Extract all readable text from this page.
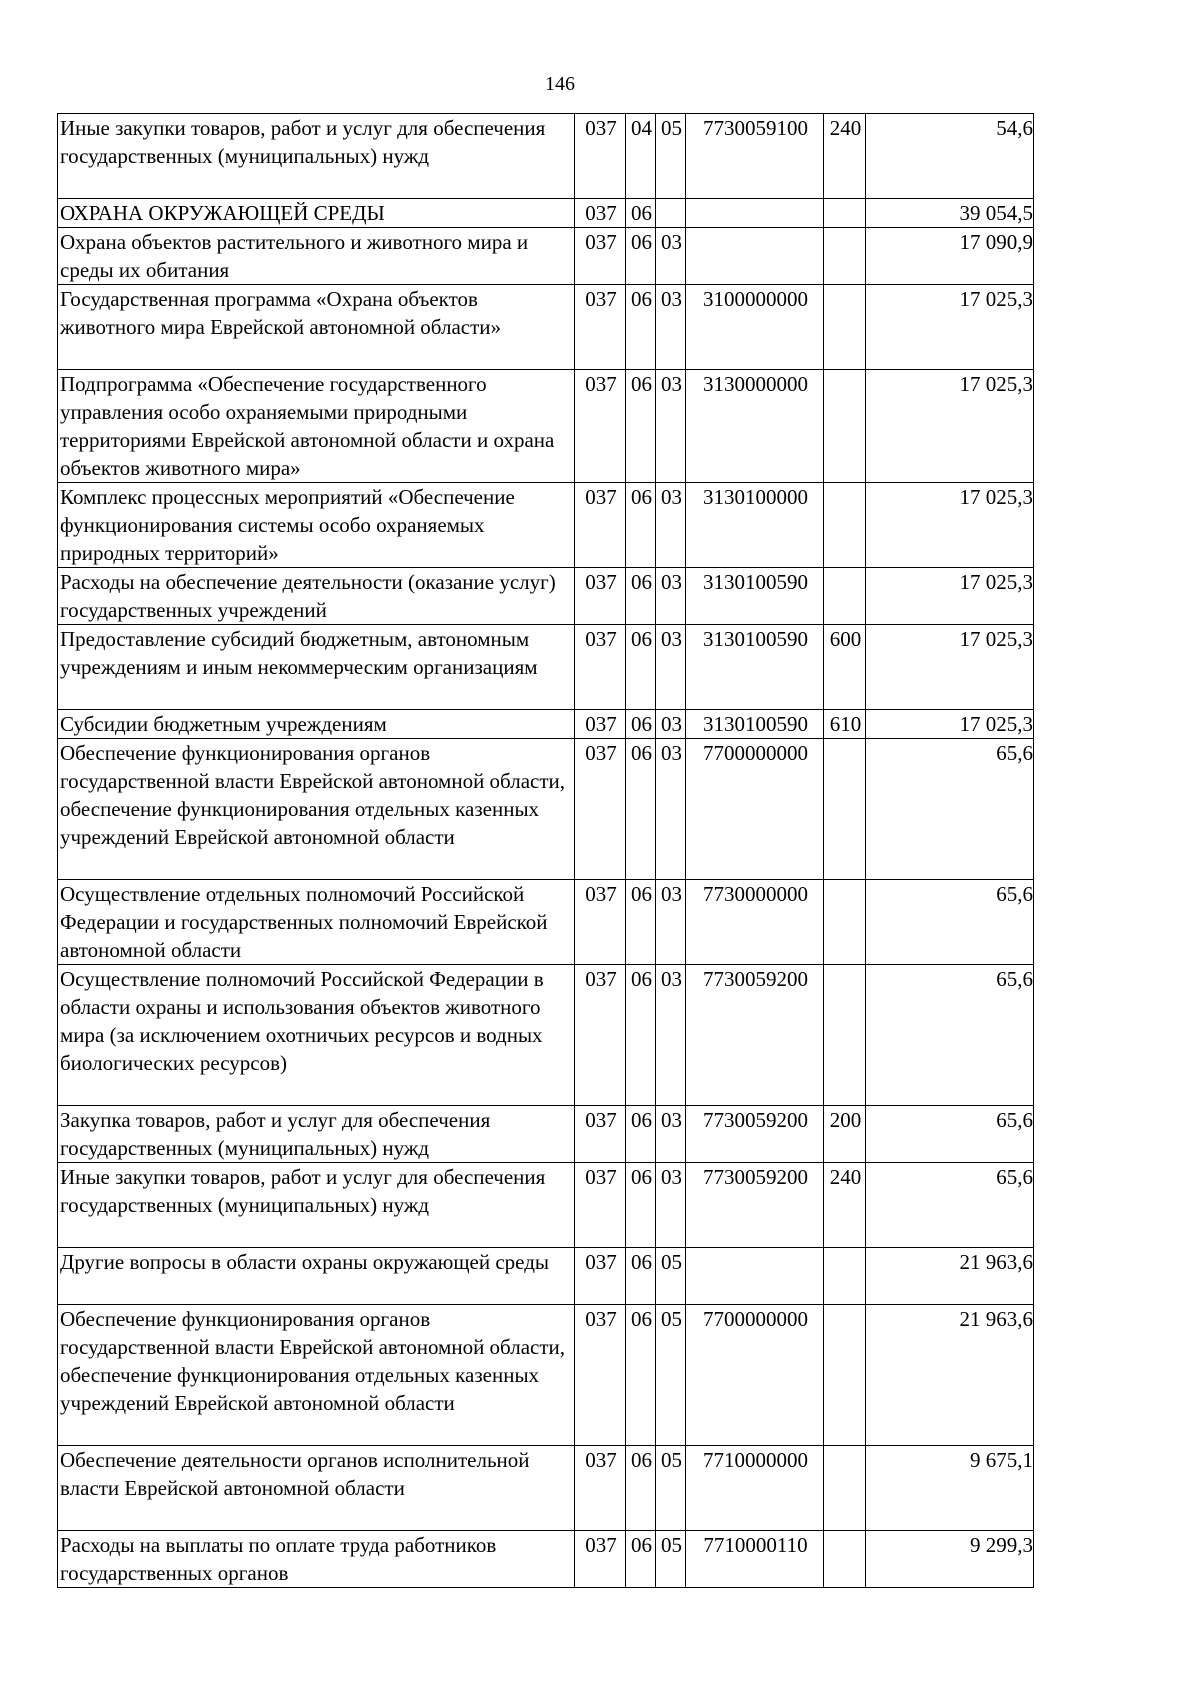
146
Иные закупки товаров, работ и услуг для обеспечения государственных (муниципальных) нужд	037	04	05	7730059100	240	54,6
ОХРАНА ОКРУЖАЮЩЕЙ СРЕДЫ	037	06				39 054,5
Охрана объектов растительного и животного мира и среды их обитания	037	06	03			17 090,9
Государственная программа «Охрана объектов животного мира Еврейской автономной области»	037	06	03	3100000000		17 025,3
Подпрограмма «Обеспечение государственного управления особо охраняемыми природными территориями Еврейской автономной области и охрана объектов животного мира»	037	06	03	3130000000		17 025,3
Комплекс процессных мероприятий «Обеспечение функционирования системы особо охраняемых природных территорий»	037	06	03	3130100000		17 025,3
Расходы на обеспечение деятельности (оказание услуг) государственных учреждений	037	06	03	3130100590		17 025,3
Предоставление субсидий бюджетным, автономным учреждениям и иным некоммерческим организациям	037	06	03	3130100590	600	17 025,3
Субсидии бюджетным учреждениям	037	06	03	3130100590	610	17 025,3
Обеспечение функционирования органов государственной власти Еврейской автономной области, обеспечение функционирования отдельных казенных учреждений Еврейской автономной области	037	06	03	7700000000		65,6
Осуществление отдельных полномочий Российской Федерации и государственных полномочий Еврейской автономной области	037	06	03	7730000000		65,6
Осуществление полномочий Российской Федерации в области охраны и использования объектов животного мира (за исключением охотничьих ресурсов и водных биологических ресурсов)	037	06	03	7730059200		65,6
Закупка товаров, работ и услуг для обеспечения государственных (муниципальных) нужд	037	06	03	7730059200	200	65,6
Иные закупки товаров, работ и услуг для обеспечения государственных (муниципальных) нужд	037	06	03	7730059200	240	65,6
Другие вопросы в области охраны окружающей среды	037	06	05			21 963,6
Обеспечение функционирования органов государственной власти Еврейской автономной области, обеспечение функционирования отдельных казенных учреждений Еврейской автономной области	037	06	05	7700000000		21 963,6
Обеспечение деятельности органов исполнительной власти Еврейской автономной области	037	06	05	7710000000		9 675,1
Расходы на выплаты по оплате труда работников государственных органов	037	06	05	7710000110		9 299,3
